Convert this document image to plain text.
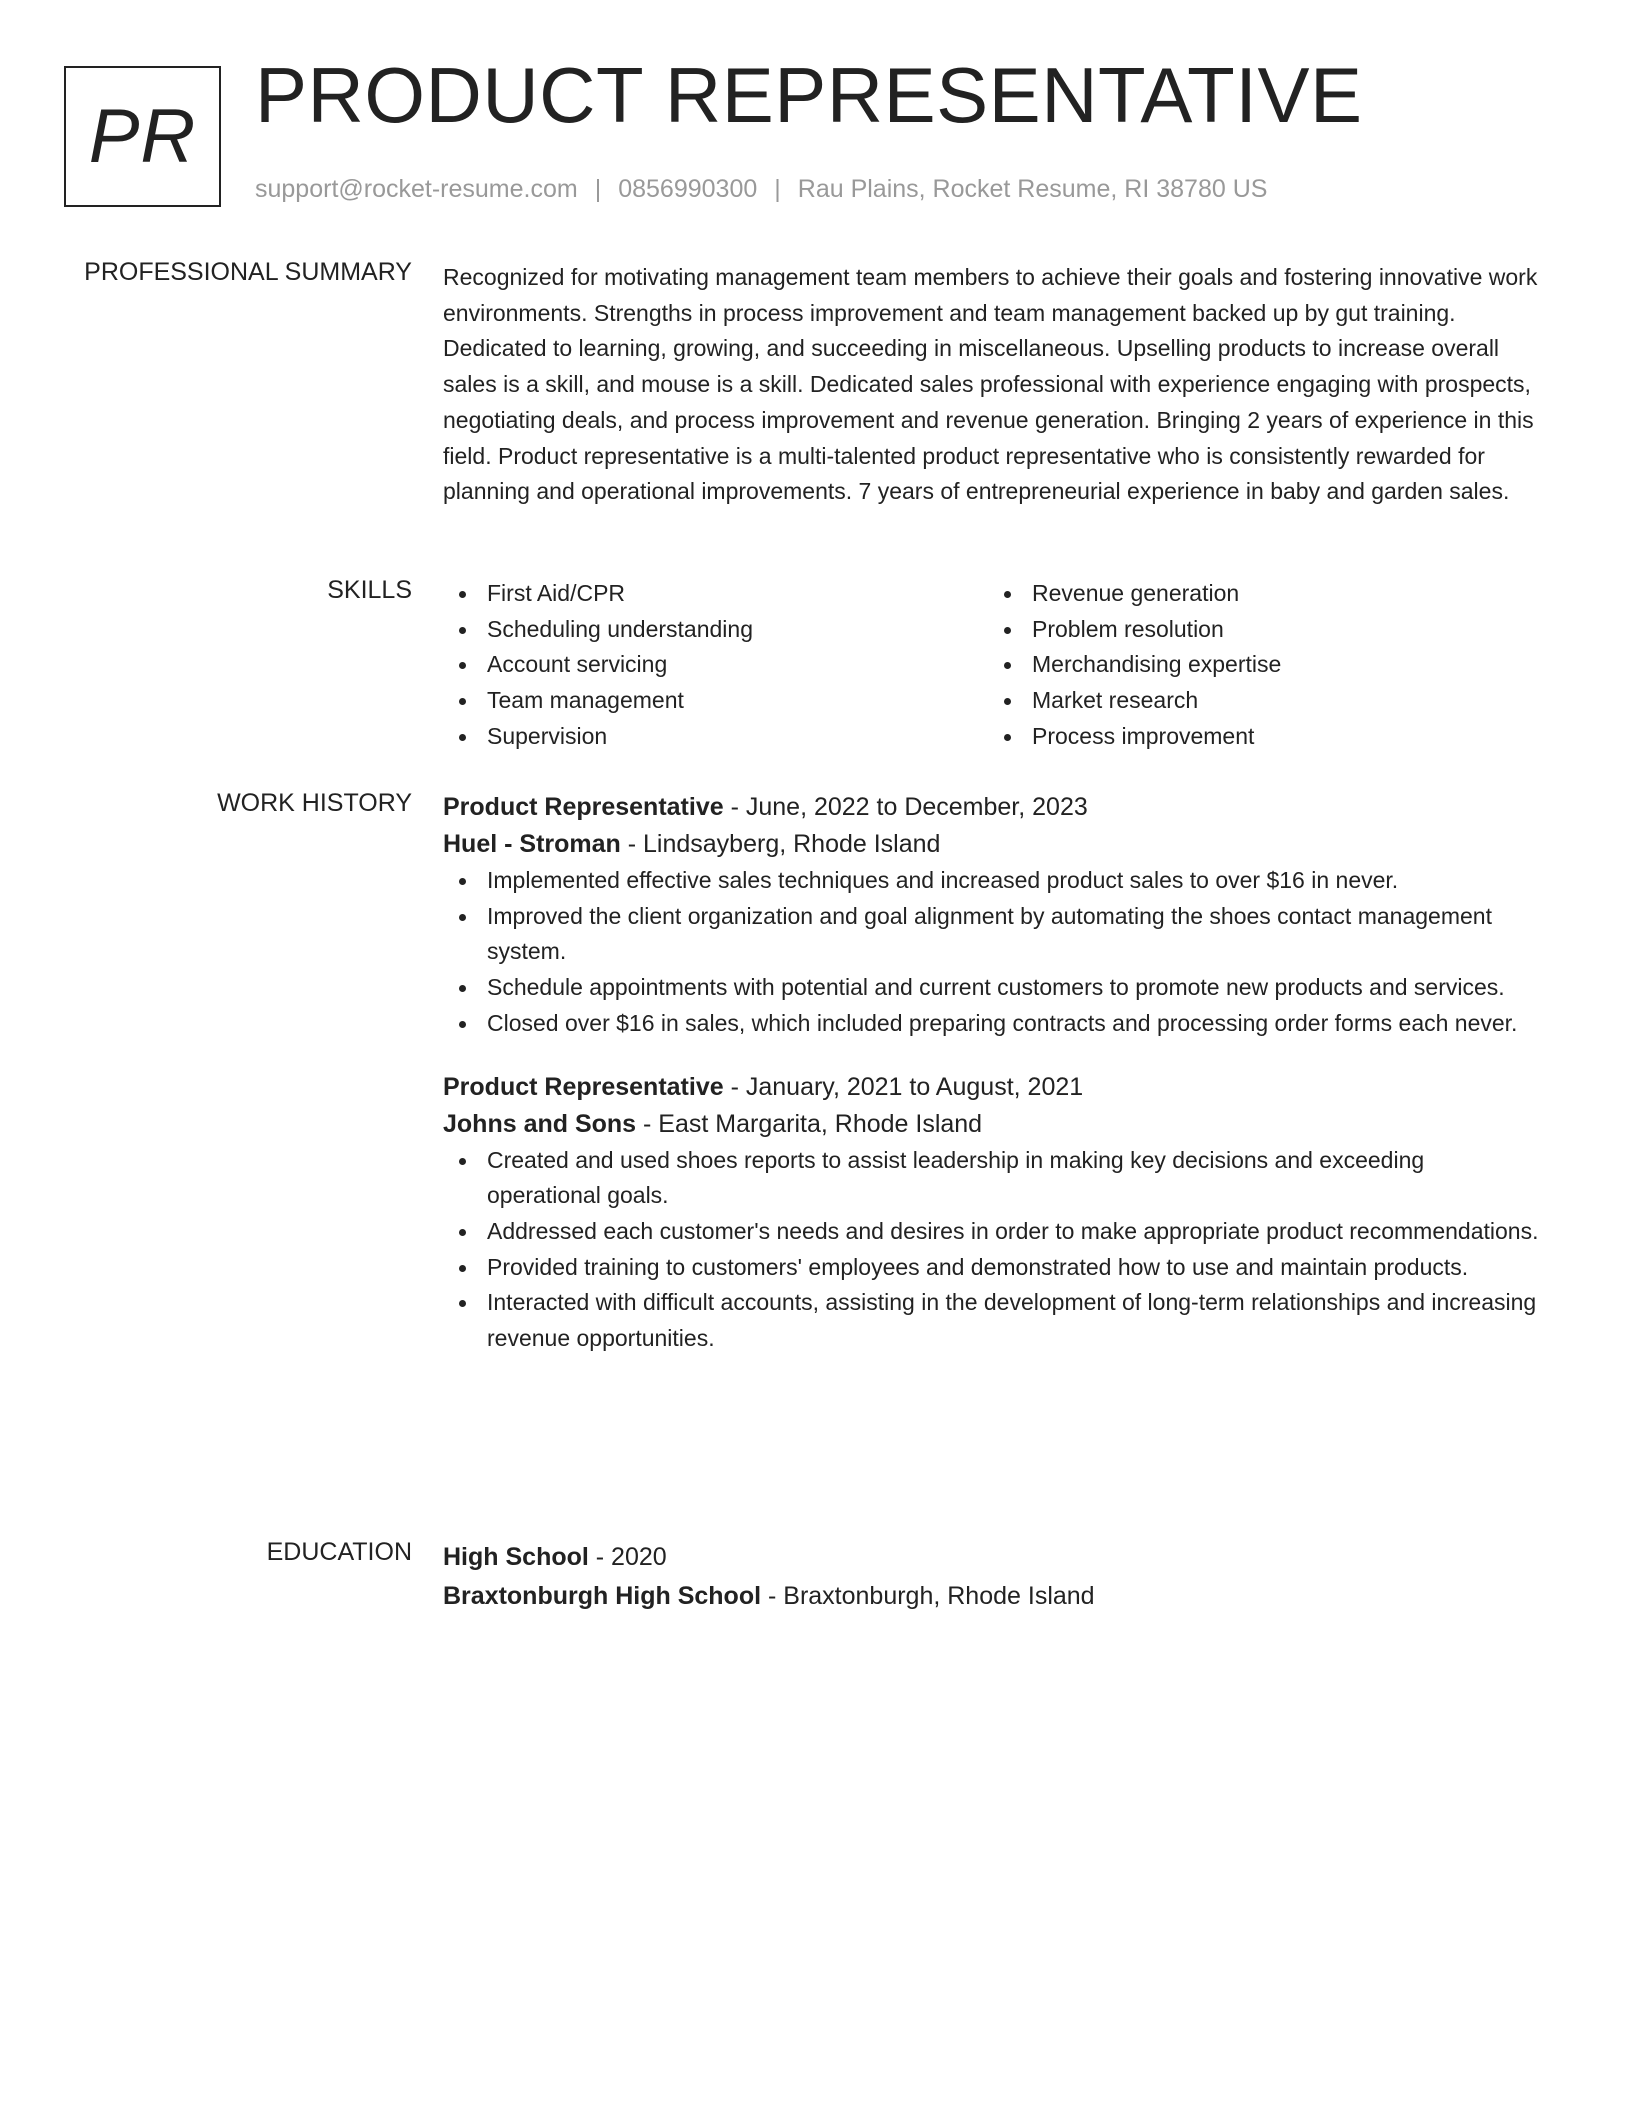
PR PRODUCT REPRESENTATIVE
support@rocket-resume.com | 0856990300 | Rau Plains, Rocket Resume, RI 38780 US
PROFESSIONAL SUMMARY Recognized for motivating management team members to achieve their goals and fostering innovative work environments. Strengths in process improvement and team management backed up by gut training. Dedicated to learning, growing, and succeeding in miscellaneous. Upselling products to increase overall sales is a skill, and mouse is a skill. Dedicated sales professional with experience engaging with prospects, negotiating deals, and process improvement and revenue generation. Bringing 2 years of experience in this field. Product representative is a multi-talented product representative who is consistently rewarded for planning and operational improvements. 7 years of entrepreneurial experience in baby and garden sales.

SKILLS	First Aid/CPR
Scheduling understanding
Account servicing
Team management
Supervision
Revenue generation
Problem resolution
Merchandising expertise
Market research
Process improvement
WORK HISTORY Product Representative - June, 2022 to December, 2023
Huel - Stroman - Lindsayberg, Rhode Island
Implemented effective sales techniques and increased product sales to over $16 in never.
Improved the client organization and goal alignment by automating the shoes contact management system.
Schedule appointments with potential and current customers to promote new products and services.
Closed over $16 in sales, which included preparing contracts and processing order forms each never.
Product Representative - January, 2021 to August, 2021
Johns and Sons - East Margarita, Rhode Island
Created and used shoes reports to assist leadership in making key decisions and exceeding operational goals.
Addressed each customer's needs and desires in order to make appropriate product recommendations.
Provided training to customers' employees and demonstrated how to use and maintain products.
Interacted with difficult accounts, assisting in the development of long-term relationships and increasing revenue opportunities.
EDUCATION High School - 2020
Braxtonburgh High School - Braxtonburgh, Rhode Island
